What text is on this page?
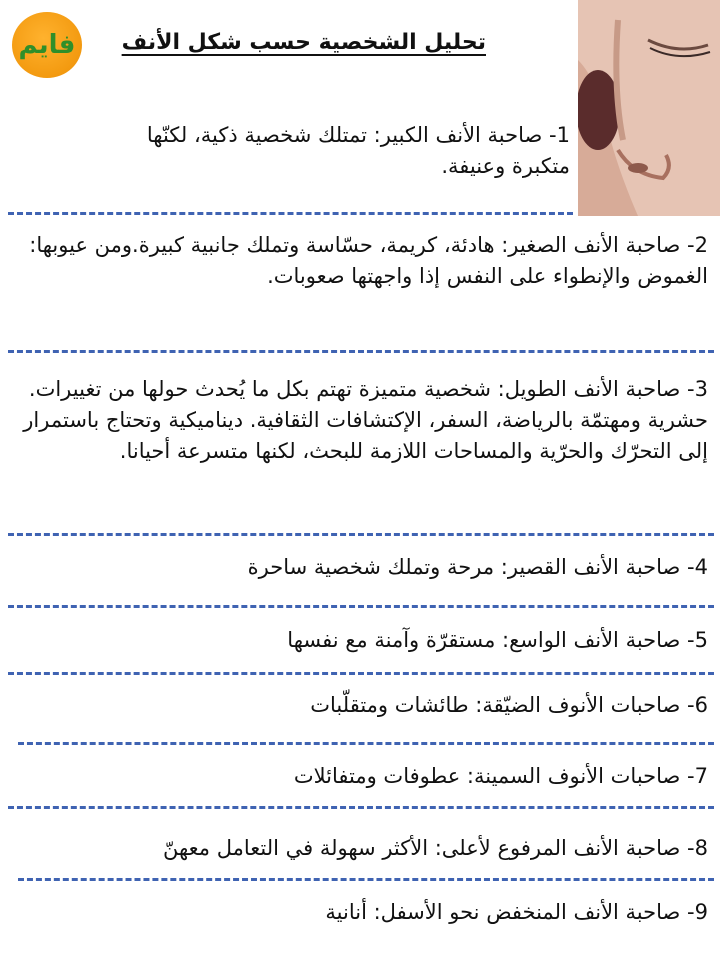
فايم تحليل الشخصية حسب شكل الأنف
1- صاحبة الأنف الكبير: تمتلك شخصية ذكية، لكنّها متكبرة وعنيفة.
2- صاحبة الأنف الصغير: هادئة، كريمة، حسّاسة وتملك جانبية كبيرة.ومن عيوبها: الغموض والإنطواء على النفس إذا واجهتها صعوبات.
3- صاحبة الأنف الطويل: شخصية متميزة تهتم بكل ما يُحدث حولها من تغييرات. حشرية ومهتمّة بالرياضة، السفر، الإكتشافات الثقافية. ديناميكية وتحتاج باستمرار إلى التحرّك والحرّية والمساحات اللازمة للبحث، لكنها متسرعة أحيانا.
4- صاحبة الأنف القصير: مرحة وتملك شخصية ساحرة
5- صاحبة الأنف الواسع: مستقرّة وآمنة مع نفسها
6- صاحبات الأنوف الضيّقة: طائشات ومتقلّبات
7- صاحبات الأنوف السمينة: عطوفات ومتفائلات
8- صاحبة الأنف المرفوع لأعلى: الأكثر سهولة في التعامل معهنّ
9- صاحبة الأنف المنخفض نحو الأسفل: أنانية
